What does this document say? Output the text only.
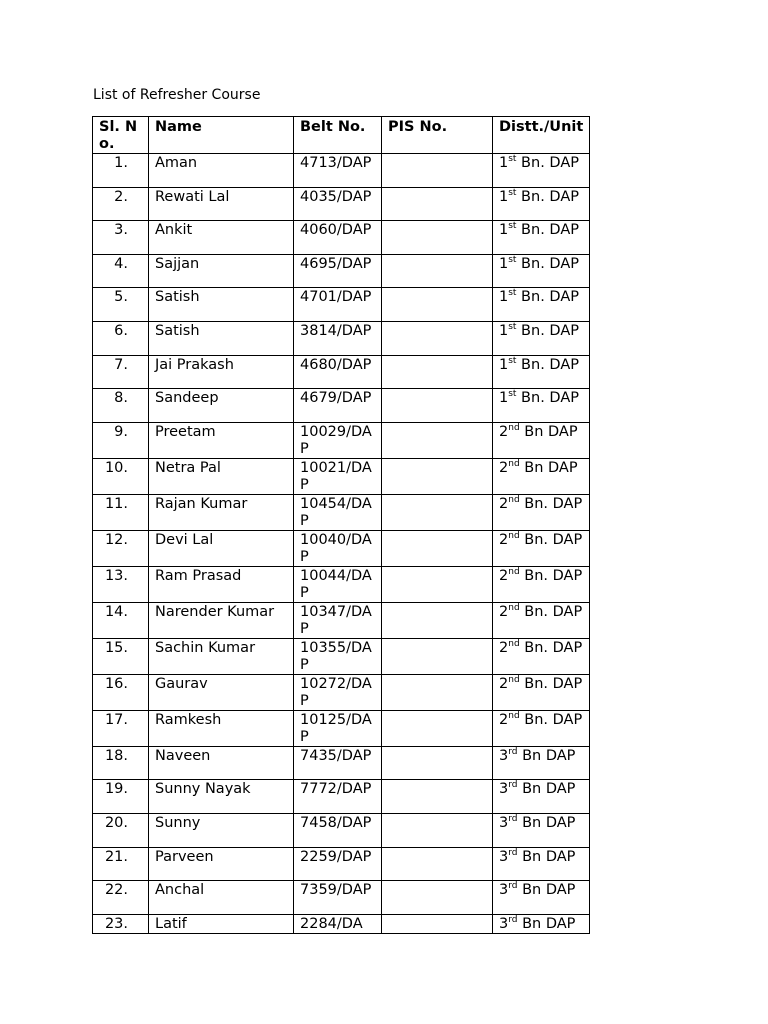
List of Refresher Course
Sl. No.	Name	Belt No.	PIS No.	Distt./Unit
1.	Aman	4713/DAP		1st Bn. DAP
2.	Rewati Lal	4035/DAP		1st Bn. DAP
3.	Ankit	4060/DAP		1st Bn. DAP
4.	Sajjan	4695/DAP		1st Bn. DAP
5.	Satish	4701/DAP		1st Bn. DAP
6.	Satish	3814/DAP		1st Bn. DAP
7.	Jai Prakash	4680/DAP		1st Bn. DAP
8.	Sandeep	4679/DAP		1st Bn. DAP
9.	Preetam	10029/DAP		2nd Bn DAP
10.	Netra Pal	10021/DAP		2nd Bn DAP
11.	Rajan Kumar	10454/DAP		2nd Bn. DAP
12.	Devi Lal	10040/DAP		2nd Bn. DAP
13.	Ram Prasad	10044/DAP		2nd Bn. DAP
14.	Narender Kumar	10347/DAP		2nd Bn. DAP
15.	Sachin Kumar	10355/DAP		2nd Bn. DAP
16.	Gaurav	10272/DAP		2nd Bn. DAP
17.	Ramkesh	10125/DAP		2nd Bn. DAP
18.	Naveen	7435/DAP		3rd Bn DAP
19.	Sunny Nayak	7772/DAP		3rd Bn DAP
20.	Sunny	7458/DAP		3rd Bn DAP
21.	Parveen	2259/DAP		3rd Bn DAP
22.	Anchal	7359/DAP		3rd Bn DAP
23.	Latif	2284/DA		3rd Bn DAP
